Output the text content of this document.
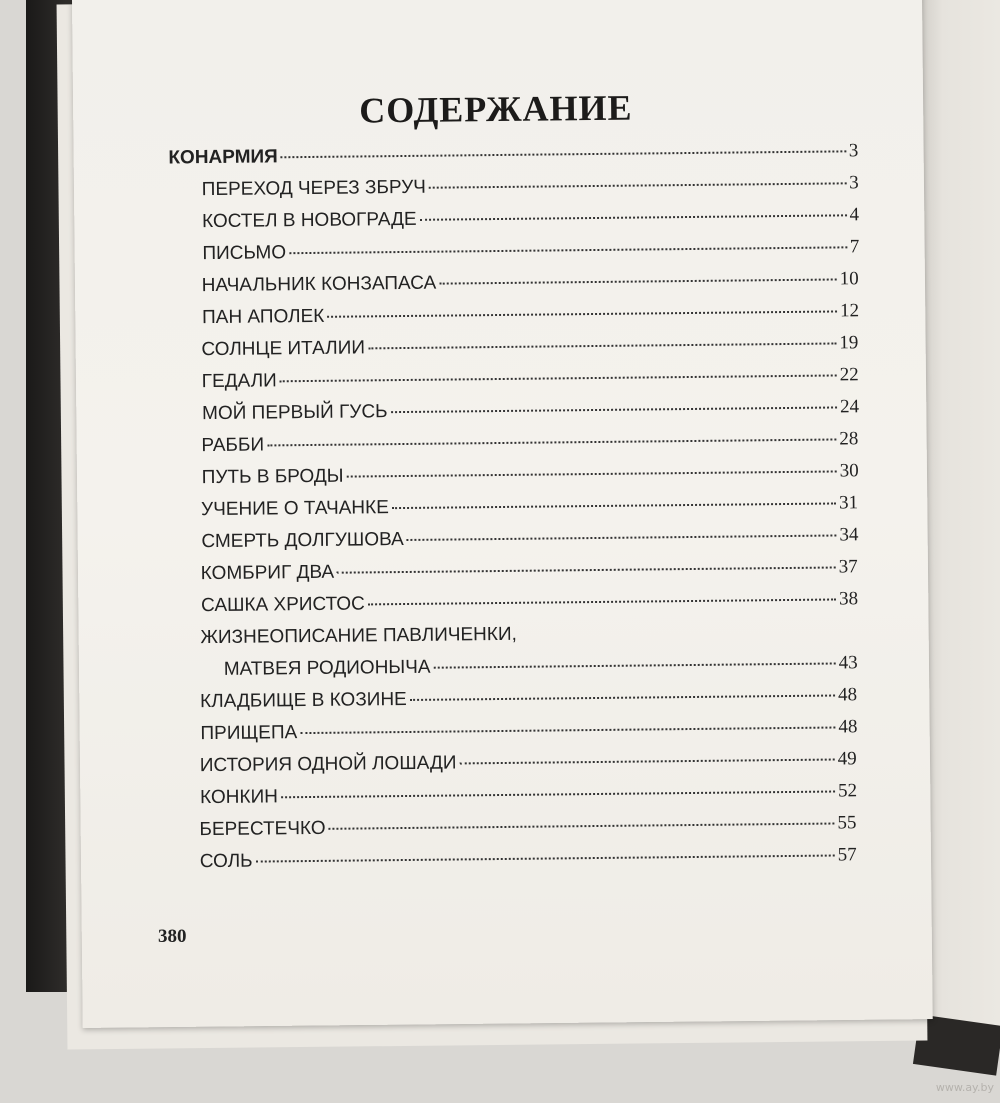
СОДЕРЖАНИЕ
КОНАРМИЯ	3
ПЕРЕХОД ЧЕРЕЗ ЗБРУЧ	3
КОСТЕЛ В НОВОГРАДЕ	4
ПИСЬМО	7
НАЧАЛЬНИК КОНЗАПАСА	10
ПАН АПОЛЕК	12
СОЛНЦЕ ИТАЛИИ	19
ГЕДАЛИ	22
МОЙ ПЕРВЫЙ ГУСЬ	24
РАББИ	28
ПУТЬ В БРОДЫ	30
УЧЕНИЕ О ТАЧАНКЕ	31
СМЕРТЬ ДОЛГУШОВА	34
КОМБРИГ ДВА	37
САШКА ХРИСТОС	38
ЖИЗНЕОПИСАНИЕ ПАВЛИЧЕНКИ,
МАТВЕЯ РОДИОНЫЧА	43
КЛАДБИЩЕ В КОЗИНЕ	48
ПРИЩЕПА	48
ИСТОРИЯ ОДНОЙ ЛОШАДИ	49
КОНКИН	52
БЕРЕСТЕЧКО	55
СОЛЬ	57
380
www.ay.by
